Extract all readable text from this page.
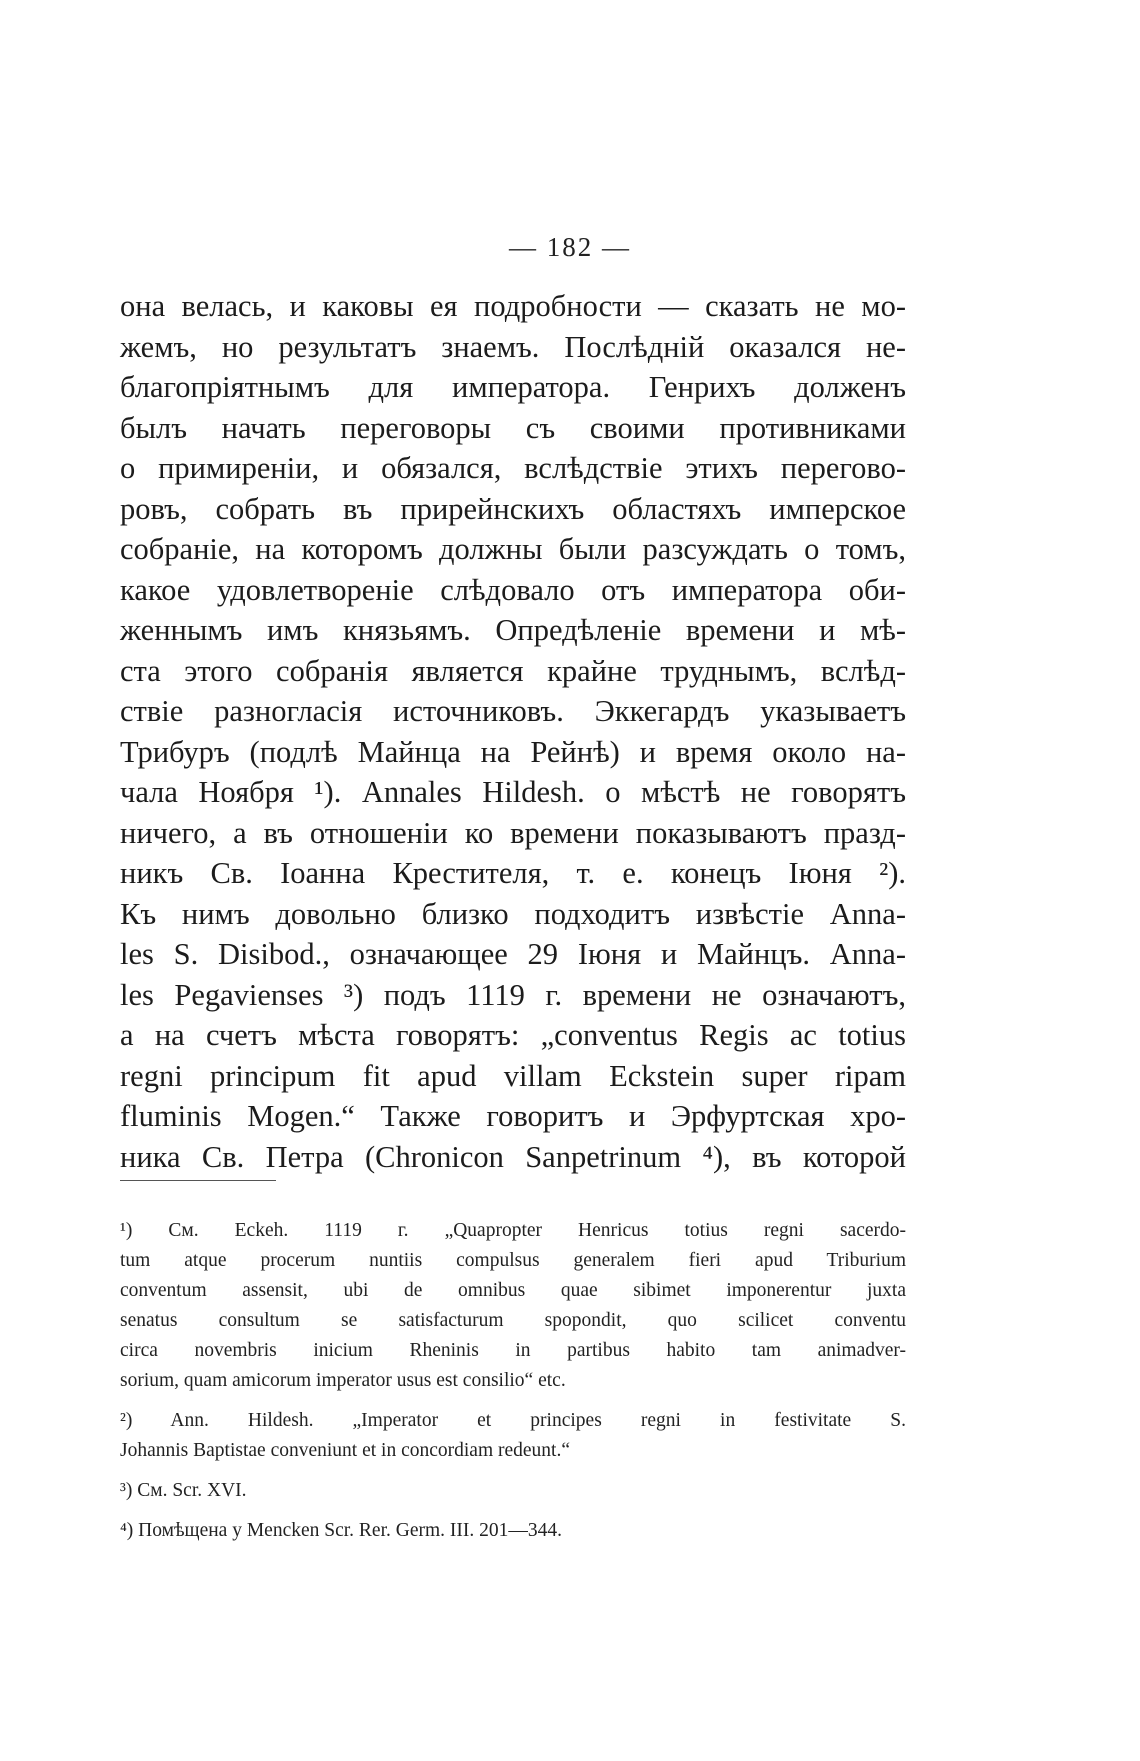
— 182 —
она велась, и каковы ея подробности — сказать не мо-
жемъ, но результатъ знаемъ. Послѣдній оказался не-
благопріятнымъ для императора. Генрихъ долженъ
былъ начать переговоры съ своими противниками
о примиреніи, и обязался, вслѣдствіе этихъ перегово-
ровъ, собрать въ прирейнскихъ областяхъ имперское
собраніе, на которомъ должны были разсуждать о томъ,
какое удовлетвореніе слѣдовало отъ императора оби-
женнымъ имъ князьямъ. Опредѣленіе времени и мѣ-
ста этого собранія является крайне труднымъ, вслѣд-
ствіе разногласія источниковъ. Эккегардъ указываетъ
Трибуръ (подлѣ Майнца на Рейнѣ) и время около на-
чала Ноября ¹). Annales Hildesh. о мѣстѣ не говорятъ
ничего, а въ отношеніи ко времени показываютъ празд-
никъ Св. Іоанна Крестителя, т. е. конецъ Іюня ²).
Къ нимъ довольно близко подходитъ извѣстіе Anna-
les S. Disibod., означающее 29 Іюня и Майнцъ. Anna-
les Pegavienses ³) подъ 1119 г. времени не означаютъ,
а на счетъ мѣста говорятъ: „conventus Regis ac totius
regni principum fit apud villam Eckstein super ripam
fluminis Mogen.“ Также говоритъ и Эрфуртская хро-
ника Св. Петра (Chronicon Sanpetrinum ⁴), въ которой
¹) См. Eckeh. 1119 г. „Quapropter Henricus totius regni sacerdo-
tum atque procerum nuntiis compulsus generalem fieri apud Triburium
conventum assensit, ubi de omnibus quae sibimet imponerentur juxta
senatus consultum se satisfacturum spopondit, quo scilicet conventu
circa novembris inicium Rheninis in partibus habito tam animadver-
sorium, quam amicorum imperator usus est consilio“ etc.
²) Ann. Hildesh. „Imperator et principes regni in festivitate S.
Johannis Baptistae conveniunt et in concordiam redeunt.“
³) См. Scr. XVI.
⁴) Помѣщена у Mencken Scr. Rer. Germ. III. 201—344.
